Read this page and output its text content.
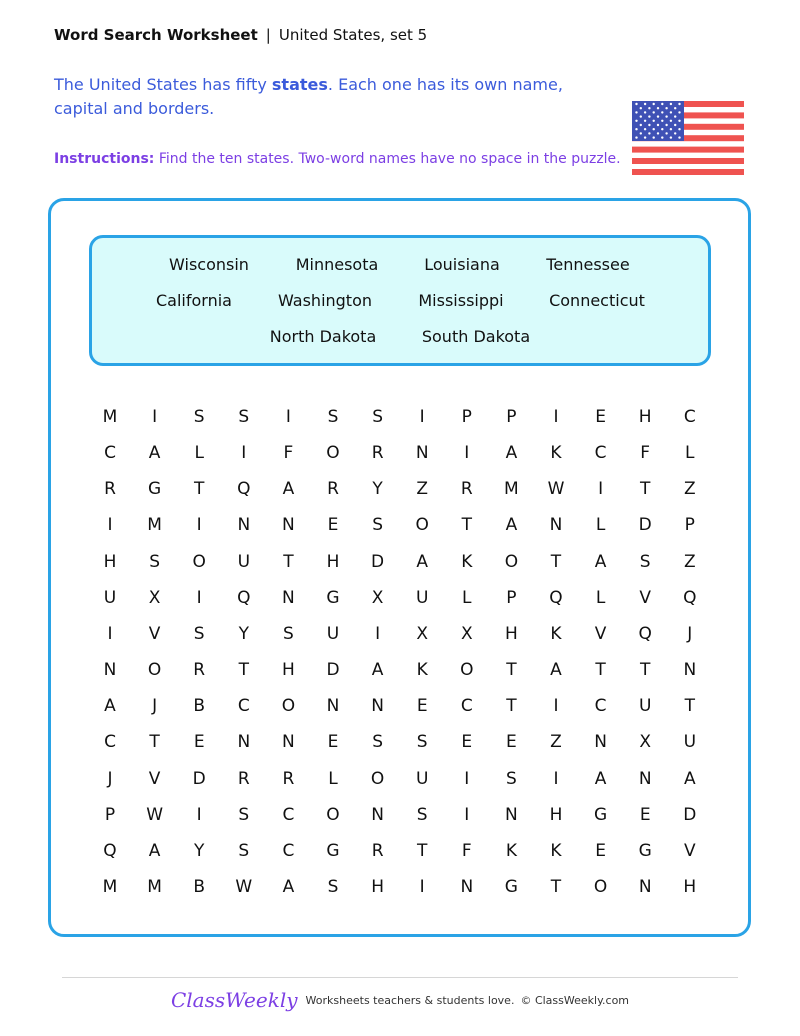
Word Search Worksheet | United States, set 5
The United States has fifty states. Each one has its own name, capital and borders.
Instructions: Find the ten states. Two-word names have no space in the puzzle.
Wisconsin	Minnesota	Louisiana	Tennessee
California	Washington	Mississippi	Connecticut
North Dakota	South Dakota
M	I	S	S	I	S	S	I	P	P	I	E	H	C
C	A	L	I	F	O	R	N	I	A	K	C	F	L
R	G	T	Q	A	R	Y	Z	R	M	W	I	T	Z
I	M	I	N	N	E	S	O	T	A	N	L	D	P
H	S	O	U	T	H	D	A	K	O	T	A	S	Z
U	X	I	Q	N	G	X	U	L	P	Q	L	V	Q
I	V	S	Y	S	U	I	X	X	H	K	V	Q	J
N	O	R	T	H	D	A	K	O	T	A	T	T	N
A	J	B	C	O	N	N	E	C	T	I	C	U	T
C	T	E	N	N	E	S	S	E	E	Z	N	X	U
J	V	D	R	R	L	O	U	I	S	I	A	N	A
P	W	I	S	C	O	N	S	I	N	H	G	E	D
Q	A	Y	S	C	G	R	T	F	K	K	E	G	V
M	M	B	W	A	S	H	I	N	G	T	O	N	H
ClassWeekly Worksheets teachers & students love. © ClassWeekly.com
